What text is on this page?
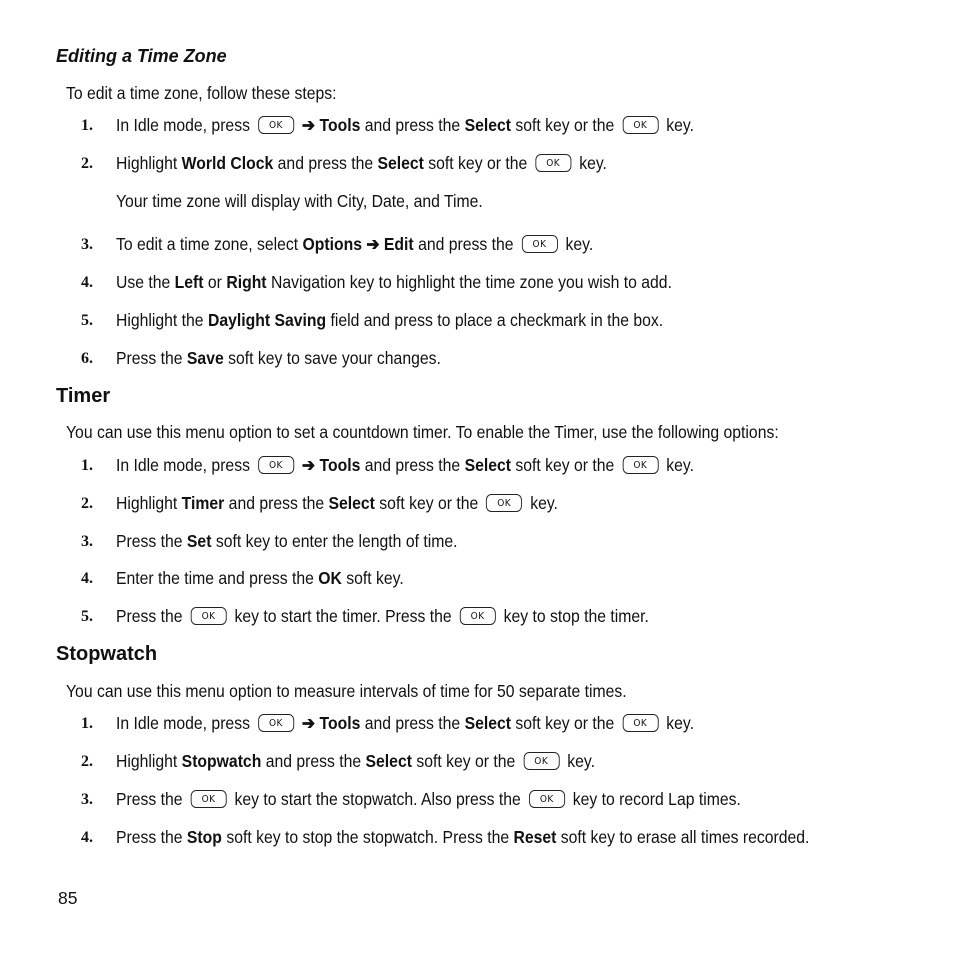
Editing a Time Zone
To edit a time zone, follow these steps:
1. In Idle mode, press OK ➔ Tools and press the Select soft key or the OK key.
2. Highlight World Clock and press the Select soft key or the OK key.
Your time zone will display with City, Date, and Time.
3. To edit a time zone, select Options ➔ Edit and press the OK key.
4. Use the Left or Right Navigation key to highlight the time zone you wish to add.
5. Highlight the Daylight Saving field and press to place a checkmark in the box.
6. Press the Save soft key to save your changes.
Timer
You can use this menu option to set a countdown timer. To enable the Timer, use the following options:
1. In Idle mode, press OK ➔ Tools and press the Select soft key or the OK key.
2. Highlight Timer and press the Select soft key or the OK key.
3. Press the Set soft key to enter the length of time.
4. Enter the time and press the OK soft key.
5. Press the OK key to start the timer. Press the OK key to stop the timer.
Stopwatch
You can use this menu option to measure intervals of time for 50 separate times.
1. In Idle mode, press OK ➔ Tools and press the Select soft key or the OK key.
2. Highlight Stopwatch and press the Select soft key or the OK key.
3. Press the OK key to start the stopwatch. Also press the OK key to record Lap times.
4. Press the Stop soft key to stop the stopwatch. Press the Reset soft key to erase all times recorded.
85
